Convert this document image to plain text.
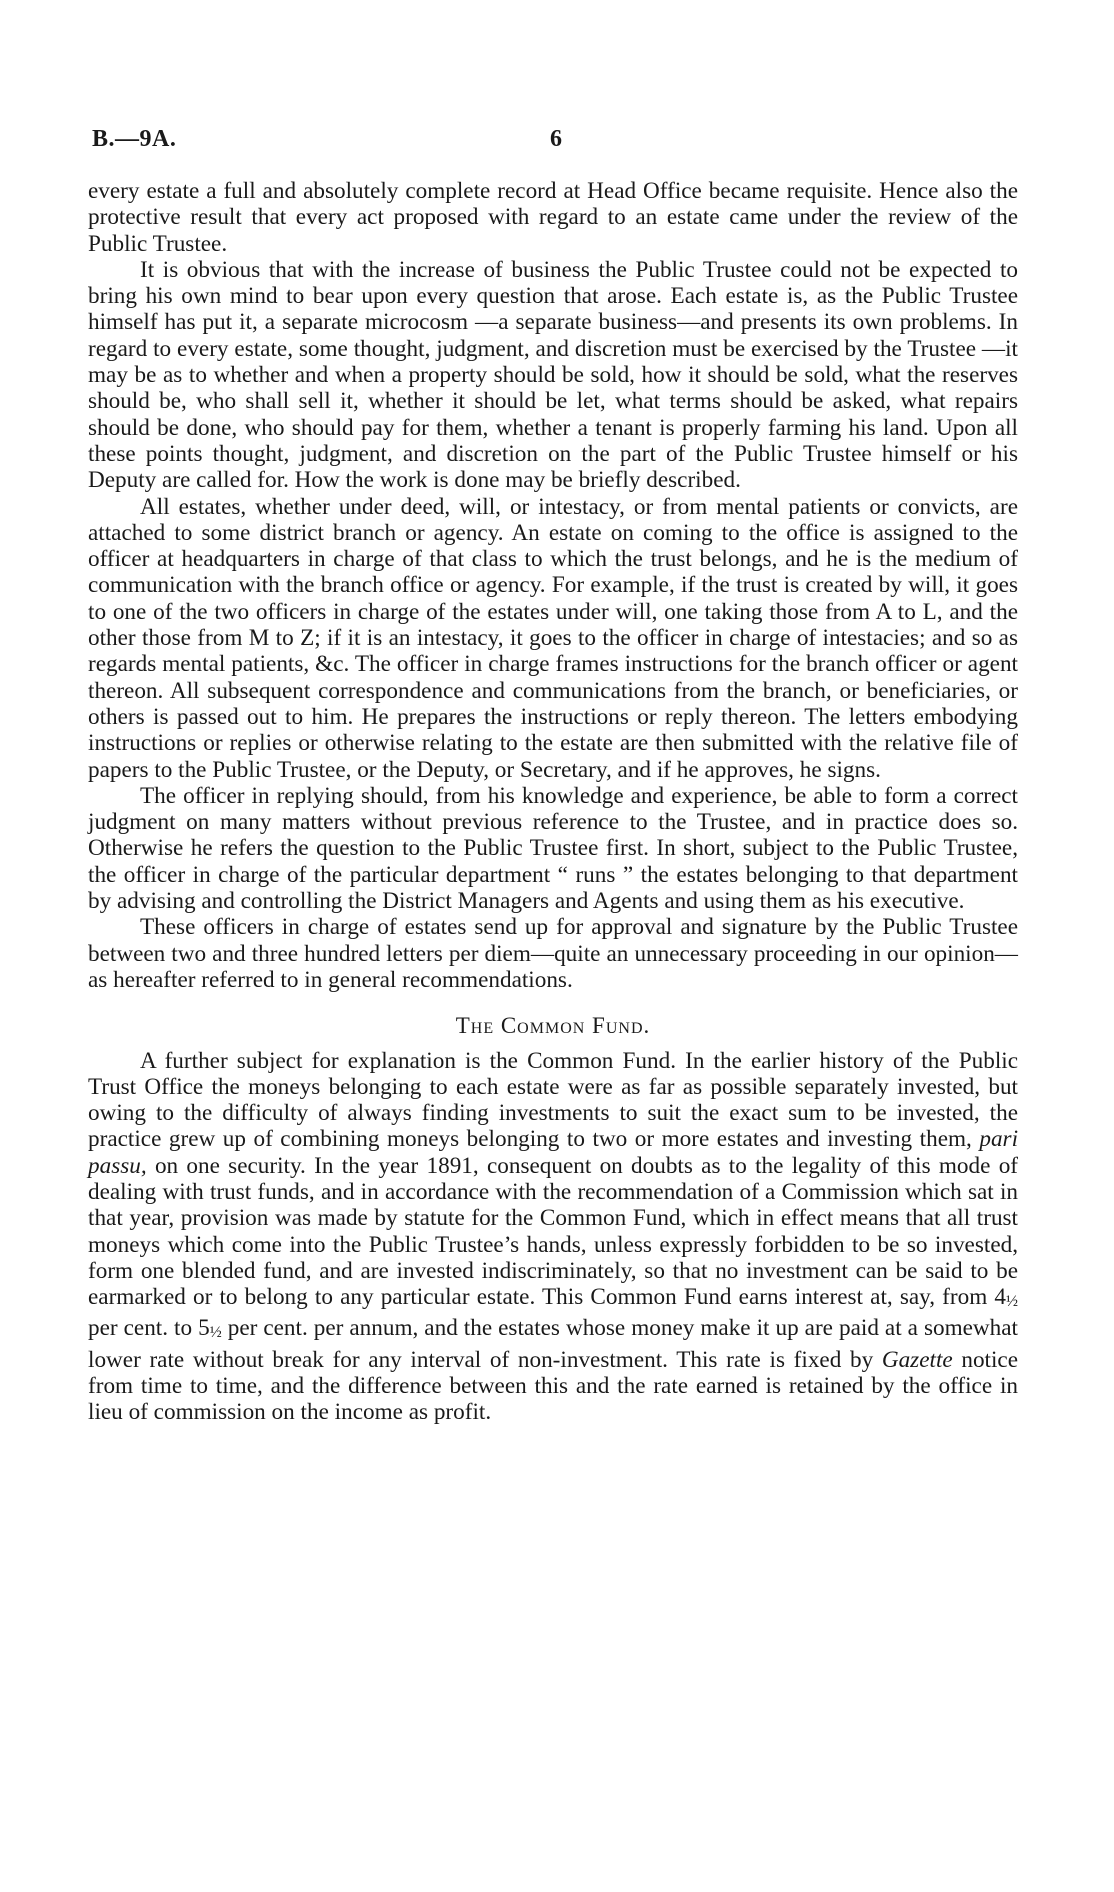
B.—9A.	6

every estate a full and absolutely complete record at Head Office became requisite. Hence also the protective result that every act proposed with regard to an estate came under the review of the Public Trustee.

It is obvious that with the increase of business the Public Trustee could not be expected to bring his own mind to bear upon every question that arose. Each estate is, as the Public Trustee himself has put it, a separate microcosm —a separate business—and presents its own problems. In regard to every estate, some thought, judgment, and discretion must be exercised by the Trustee —it may be as to whether and when a property should be sold, how it should be sold, what the reserves should be, who shall sell it, whether it should be let, what terms should be asked, what repairs should be done, who should pay for them, whether a tenant is properly farming his land. Upon all these points thought, judgment, and discretion on the part of the Public Trustee himself or his Deputy are called for. How the work is done may be briefly described.

All estates, whether under deed, will, or intestacy, or from mental patients or convicts, are attached to some district branch or agency. An estate on coming to the office is assigned to the officer at headquarters in charge of that class to which the trust belongs, and he is the medium of communication with the branch office or agency. For example, if the trust is created by will, it goes to one of the two officers in charge of the estates under will, one taking those from A to L, and the other those from M to Z; if it is an intestacy, it goes to the officer in charge of intestacies; and so as regards mental patients, &c. The officer in charge frames instructions for the branch officer or agent thereon. All subsequent correspondence and communications from the branch, or beneficiaries, or others is passed out to him. He prepares the instructions or reply thereon. The letters embodying instructions or replies or otherwise relating to the estate are then submitted with the relative file of papers to the Public Trustee, or the Deputy, or Secretary, and if he approves, he signs.

The officer in replying should, from his knowledge and experience, be able to form a correct judgment on many matters without previous reference to the Trustee, and in practice does so. Otherwise he refers the question to the Public Trustee first. In short, subject to the Public Trustee, the officer in charge of the particular department “ runs ” the estates belonging to that department by advising and controlling the District Managers and Agents and using them as his executive.

These officers in charge of estates send up for approval and signature by the Public Trustee between two and three hundred letters per diem—quite an unnecessary proceeding in our opinion—as hereafter referred to in general recommendations.

The Common Fund.

A further subject for explanation is the Common Fund. In the earlier history of the Public Trust Office the moneys belonging to each estate were as far as possible separately invested, but owing to the difficulty of always finding investments to suit the exact sum to be invested, the practice grew up of combining moneys belonging to two or more estates and investing them, pari passu, on one security. In the year 1891, consequent on doubts as to the legality of this mode of dealing with trust funds, and in accordance with the recommendation of a Commission which sat in that year, provision was made by statute for the Common Fund, which in effect means that all trust moneys which come into the Public Trustee’s hands, unless expressly forbidden to be so invested, form one blended fund, and are invested indiscriminately, so that no investment can be said to be earmarked or to belong to any particular estate. This Common Fund earns interest at, say, from 4½ per cent. to 5½ per cent. per annum, and the estates whose money make it up are paid at a somewhat lower rate without break for any interval of non-investment. This rate is fixed by Gazette notice from time to time, and the difference between this and the rate earned is retained by the office in lieu of commission on the income as profit.
